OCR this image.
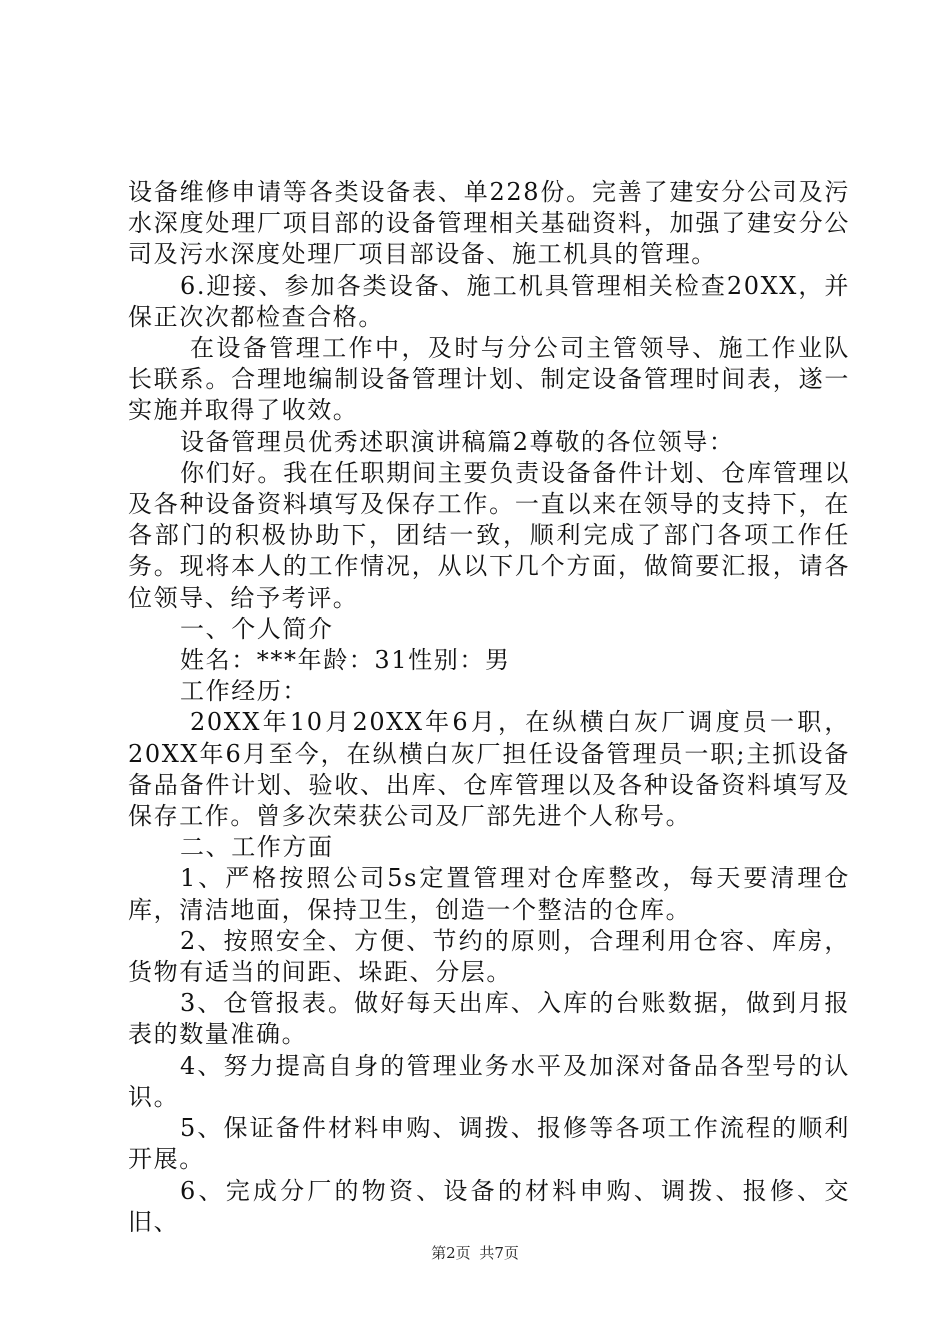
设备维修申请等各类设备表、单228份。完善了建安分公司及污水深度处理厂项目部的设备管理相关基础资料，加强了建安分公司及污水深度处理厂项目部设备、施工机具的管理。

6.迎接、参加各类设备、施工机具管理相关检查20XX，并保正次次都检查合格。

在设备管理工作中，及时与分公司主管领导、施工作业队长联系。合理地编制设备管理计划、制定设备管理时间表，遂一实施并取得了收效。

设备管理员优秀述职演讲稿篇2尊敬的各位领导：

你们好。我在任职期间主要负责设备备件计划、仓库管理以及各种设备资料填写及保存工作。一直以来在领导的支持下，在各部门的积极协助下，团结一致，顺利完成了部门各项工作任务。现将本人的工作情况，从以下几个方面，做简要汇报，请各位领导、给予考评。

一、个人简介

姓名：***年龄：31性别：男

工作经历：

20XX年10月20XX年6月，在纵横白灰厂调度员一职，20XX年6月至今，在纵横白灰厂担任设备管理员一职;主抓设备备品备件计划、验收、出库、仓库管理以及各种设备资料填写及保存工作。曾多次荣获公司及厂部先进个人称号。

二、工作方面

1、严格按照公司5s定置管理对仓库整改，每天要清理仓库，清洁地面，保持卫生，创造一个整洁的仓库。

2、按照安全、方便、节约的原则，合理利用仓容、库房，货物有适当的间距、垛距、分层。

3、仓管报表。做好每天出库、入库的台账数据，做到月报表的数量准确。

4、努力提高自身的管理业务水平及加深对备品各型号的认识。

5、保证备件材料申购、调拨、报修等各项工作流程的顺利开展。

6、完成分厂的物资、设备的材料申购、调拨、报修、交旧、

第2页 共7页
